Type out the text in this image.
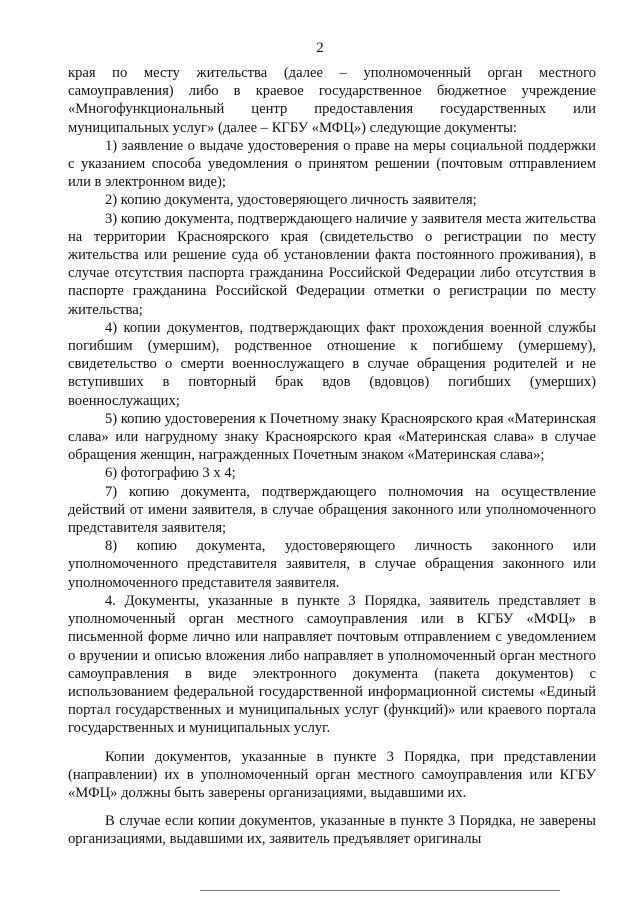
2

края по месту жительства (далее – уполномоченный орган местного самоуправления) либо в краевое государственное бюджетное учреждение «Многофункциональный центр предоставления государственных или муниципальных услуг» (далее – КГБУ «МФЦ») следующие документы:

1) заявление о выдаче удостоверения о праве на меры социальной поддержки с указанием способа уведомления о принятом решении (почтовым отправлением или в электронном виде);

2) копию документа, удостоверяющего личность заявителя;

3) копию документа, подтверждающего наличие у заявителя места жительства на территории Красноярского края (свидетельство о регистрации по месту жительства или решение суда об установлении факта постоянного проживания), в случае отсутствия паспорта гражданина Российской Федерации либо отсутствия в паспорте гражданина Российской Федерации отметки о регистрации по месту жительства;

4) копии документов, подтверждающих факт прохождения военной службы погибшим (умершим), родственное отношение к погибшему (умершему), свидетельство о смерти военнослужащего в случае обращения родителей и не вступивших в повторный брак вдов (вдовцов) погибших (умерших) военнослужащих;

5) копию удостоверения к Почетному знаку Красноярского края «Материнская слава» или нагрудному знаку Красноярского края «Материнская слава» в случае обращения женщин, награжденных Почетным знаком «Материнская слава»;

6) фотографию 3 х 4;

7) копию документа, подтверждающего полномочия на осуществление действий от имени заявителя, в случае обращения законного или уполномоченного представителя заявителя;

8) копию документа, удостоверяющего личность законного или уполномоченного представителя заявителя, в случае обращения законного или уполномоченного представителя заявителя.

4. Документы, указанные в пункте 3 Порядка, заявитель представляет в уполномоченный орган местного самоуправления или в КГБУ «МФЦ» в письменной форме лично или направляет почтовым отправлением с уведомлением о вручении и описью вложения либо направляет в уполномоченный орган местного самоуправления в виде электронного документа (пакета документов) с использованием федеральной государственной информационной системы «Единый портал государственных и муниципальных услуг (функций)» или краевого портала государственных и муниципальных услуг.

Копии документов, указанные в пункте 3 Порядка, при представлении (направлении) их в уполномоченный орган местного самоуправления или КГБУ «МФЦ» должны быть заверены организациями, выдавшими их.

В случае если копии документов, указанные в пункте 3 Порядка, не заверены организациями, выдавшими их, заявитель предъявляет оригиналы
